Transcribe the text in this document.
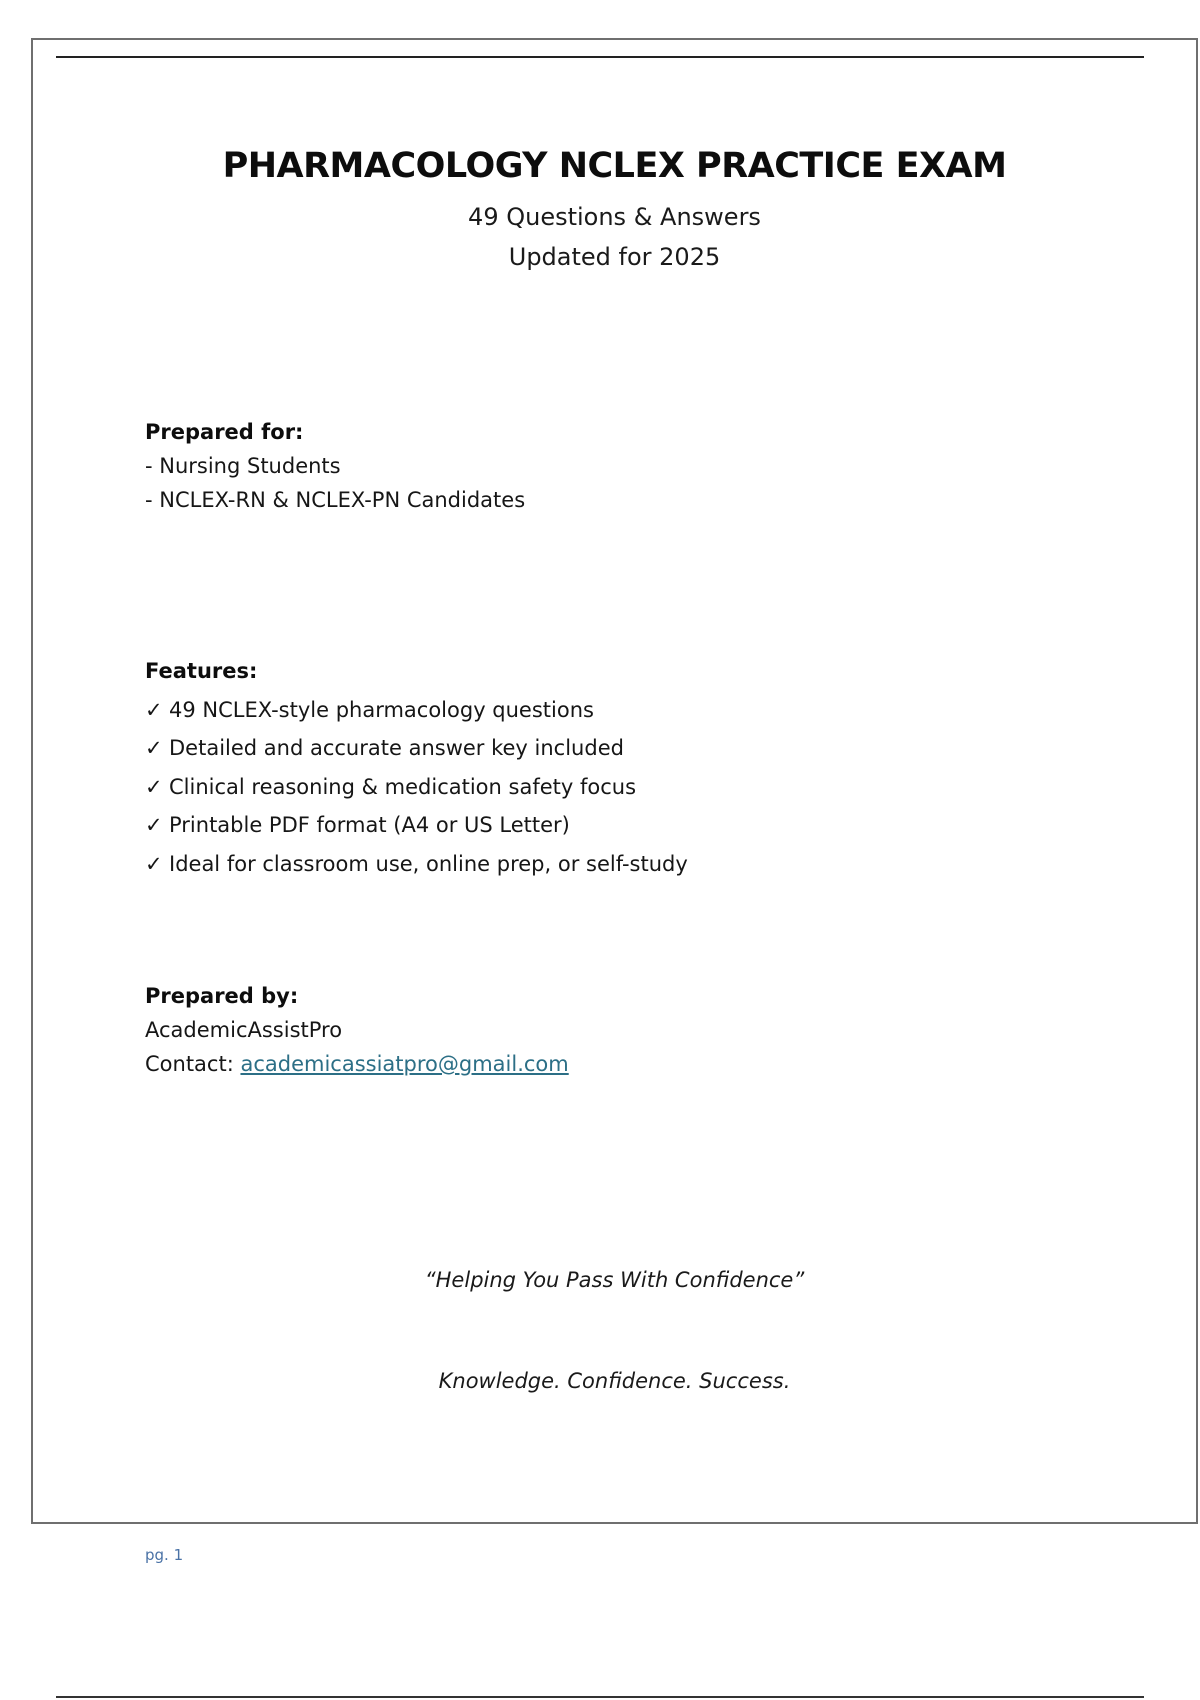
PHARMACOLOGY NCLEX PRACTICE EXAM
49 Questions & Answers
Updated for 2025
Prepared for:
- Nursing Students
- NCLEX-RN & NCLEX-PN Candidates
Features:
✓ 49 NCLEX-style pharmacology questions
✓ Detailed and accurate answer key included
✓ Clinical reasoning & medication safety focus
✓ Printable PDF format (A4 or US Letter)
✓ Ideal for classroom use, online prep, or self-study
Prepared by:
AcademicAssistPro
Contact: academicassiatpro@gmail.com
“Helping You Pass With Confidence”
Knowledge. Confidence. Success.
pg. 1
